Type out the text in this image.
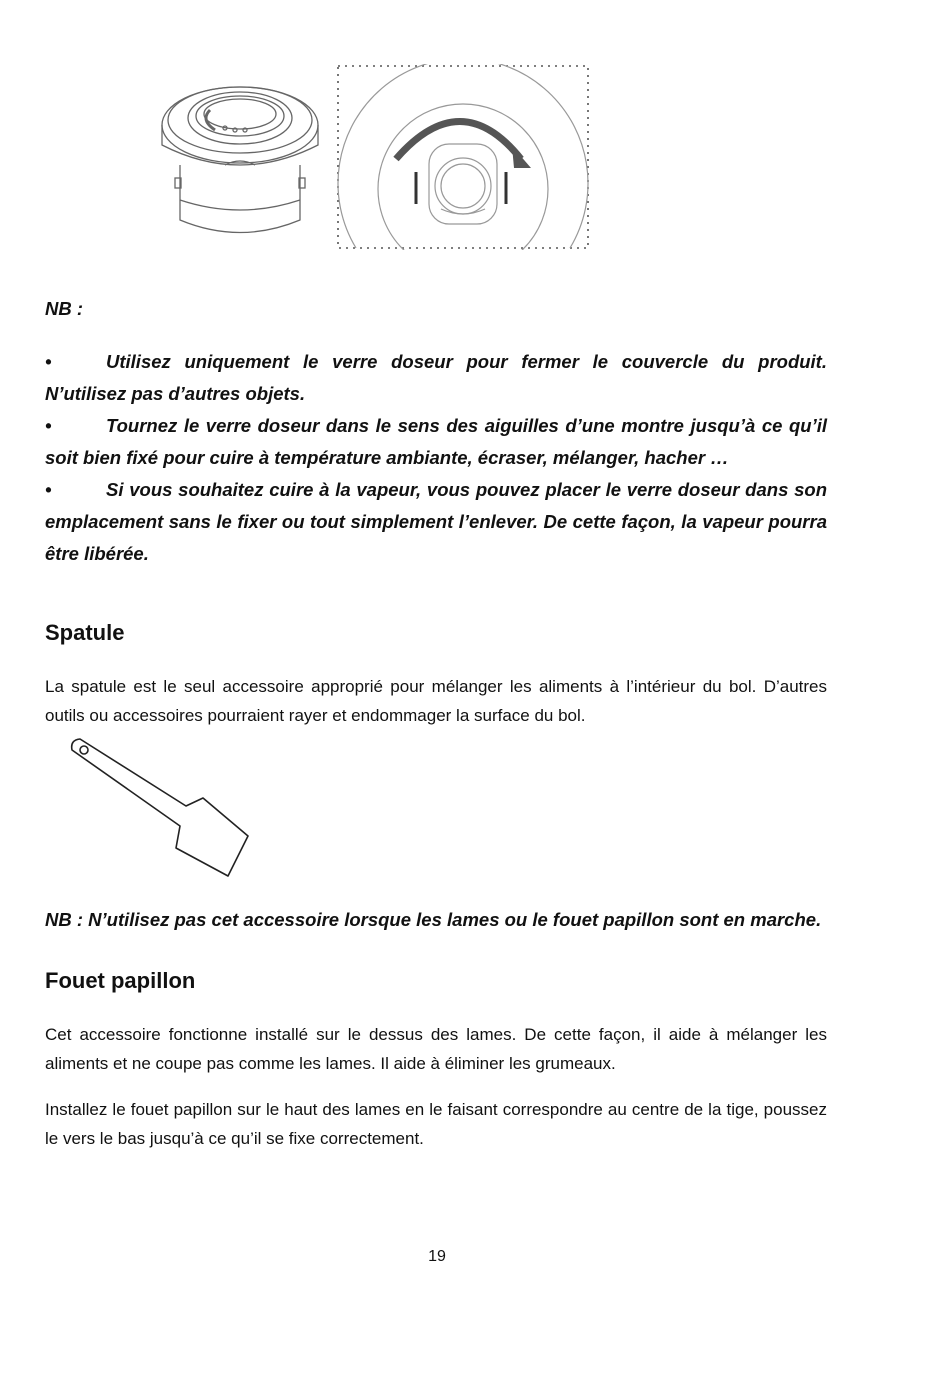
NB :

•	Utilisez uniquement le verre doseur pour fermer le couvercle du produit. N’utilisez pas d’autres objets.

•	Tournez le verre doseur dans le sens des aiguilles d’une montre jusqu’à ce qu’il soit bien fixé pour cuire à température ambiante, écraser, mélanger, hacher …

•	Si vous souhaitez cuire à la vapeur, vous pouvez placer le verre doseur dans son emplacement sans le fixer ou tout simplement l’enlever. De cette façon, la vapeur pourra être libérée.

Spatule

La spatule est le seul accessoire approprié pour mélanger les aliments à l’intérieur du bol. D’autres outils ou accessoires pourraient rayer et endommager la surface du bol.

NB : N’utilisez pas cet accessoire lorsque les lames ou le fouet papillon sont en marche.

Fouet papillon

Cet accessoire fonctionne installé sur le dessus des lames. De cette façon, il aide à mélanger les aliments et ne coupe pas comme les lames. Il aide à éliminer les grumeaux.

Installez le fouet papillon sur le haut des lames en le faisant correspondre au centre de la tige, poussez le vers le bas jusqu’à ce qu’il se fixe correctement.

19
